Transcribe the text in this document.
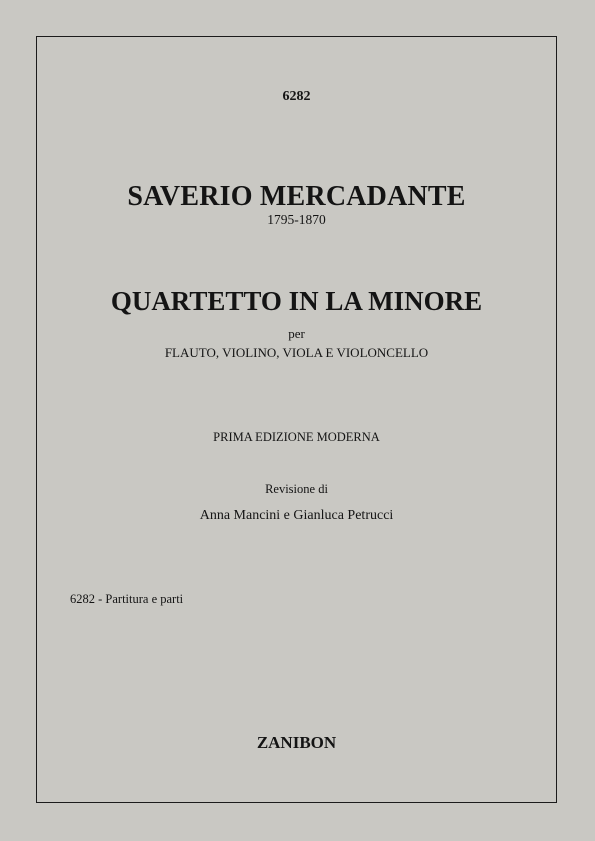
6282
SAVERIO MERCADANTE
1795-1870
QUARTETTO IN LA MINORE
per
FLAUTO, VIOLINO, VIOLA E VIOLONCELLO
PRIMA EDIZIONE MODERNA
Revisione di
Anna Mancini e Gianluca Petrucci
6282 - Partitura e parti
ZANIBON
